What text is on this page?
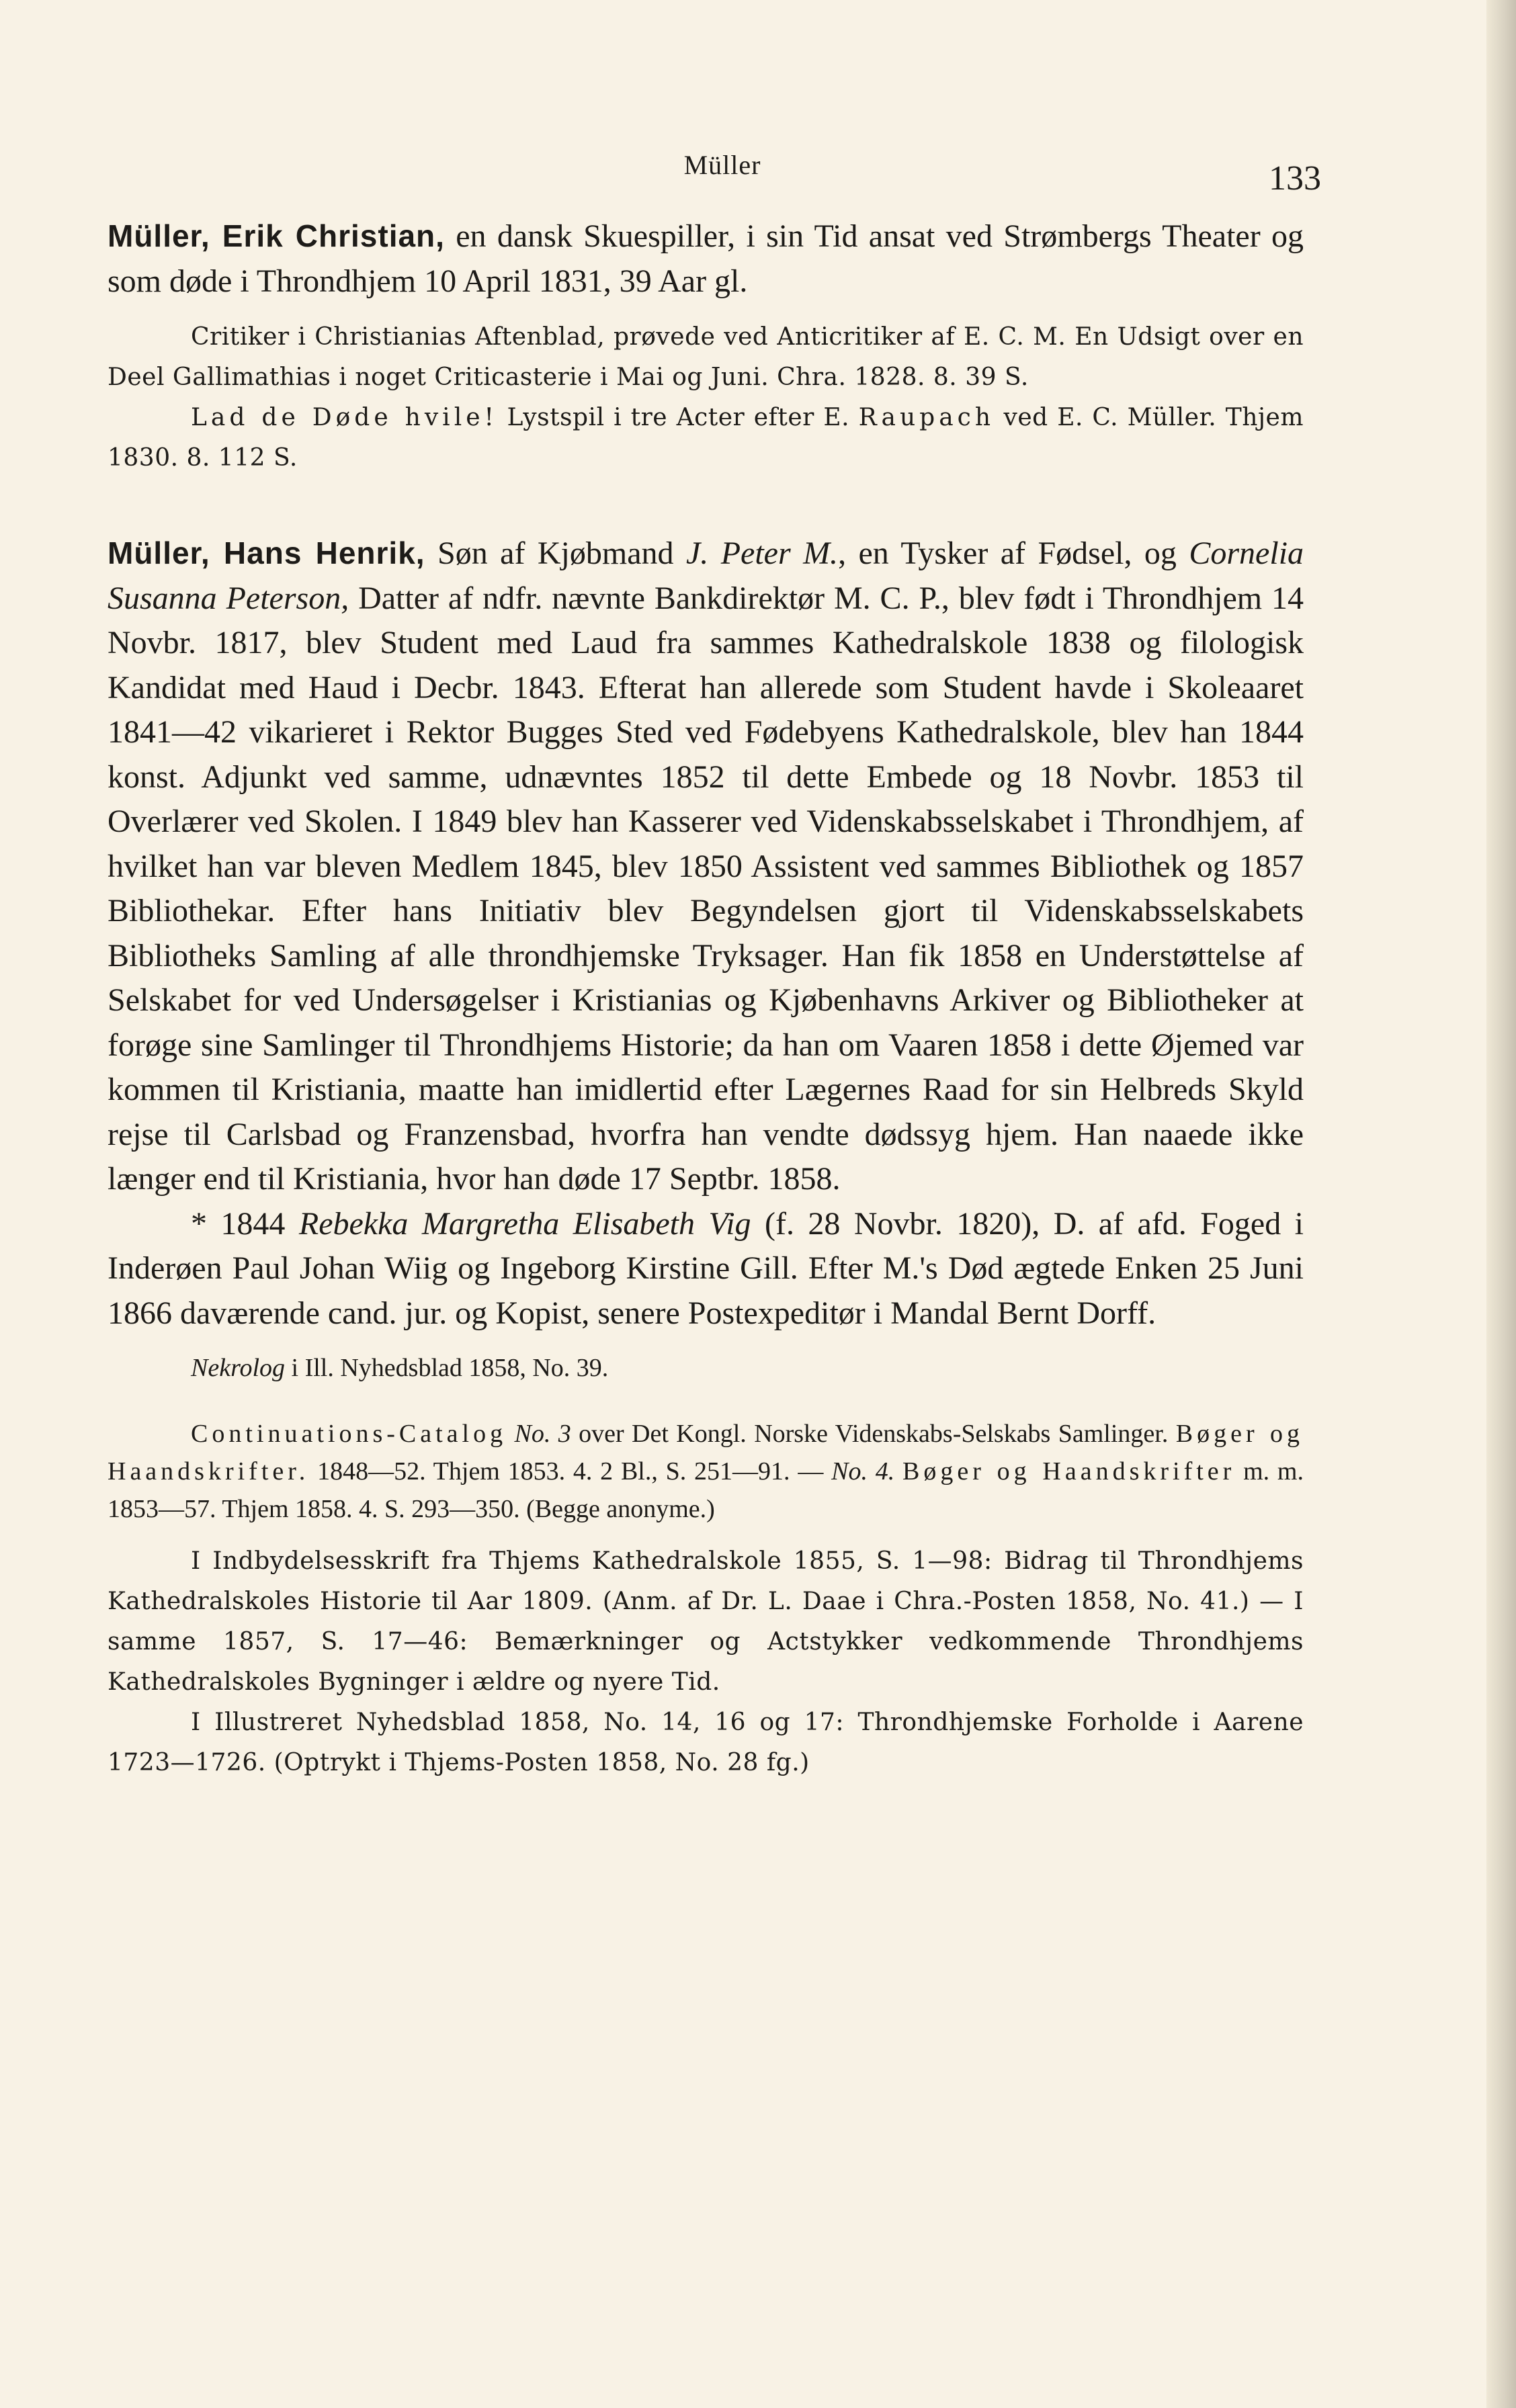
Müller	133

Müller, Erik Christian, en dansk Skuespiller, i sin Tid ansat ved Strømbergs Theater og som døde i Throndhjem 10 April 1831, 39 Aar gl.

Critiker i Christianias Aftenblad, prøvede ved Anticritiker af E. C. M. En Udsigt over en Deel Gallimathias i noget Criticasterie i Mai og Juni. Chra. 1828. 8. 39 S.

Lad de Døde hvile! Lystspil i tre Acter efter E. Raupach ved E. C. Müller. Thjem 1830. 8. 112 S.

Müller, Hans Henrik, Søn af Kjøbmand J. Peter M., en Tysker af Fødsel, og Cornelia Susanna Peterson, Datter af ndfr. nævnte Bankdirektør M. C. P., blev født i Throndhjem 14 Novbr. 1817, blev Student med Laud fra sammes Kathedralskole 1838 og filologisk Kandidat med Haud i Decbr. 1843. Efterat han allerede som Student havde i Skoleaaret 1841—42 vikarieret i Rektor Bugges Sted ved Fødebyens Kathedralskole, blev han 1844 konst. Adjunkt ved samme, udnævntes 1852 til dette Embede og 18 Novbr. 1853 til Overlærer ved Skolen. I 1849 blev han Kasserer ved Videnskabsselskabet i Throndhjem, af hvilket han var bleven Medlem 1845, blev 1850 Assistent ved sammes Bibliothek og 1857 Bibliothekar. Efter hans Initiativ blev Begyndelsen gjort til Videnskabsselskabets Bibliotheks Samling af alle throndhjemske Tryksager. Han fik 1858 en Understøttelse af Selskabet for ved Undersøgelser i Kristianias og Kjøbenhavns Arkiver og Bibliotheker at forøge sine Samlinger til Throndhjems Historie; da han om Vaaren 1858 i dette Øjemed var kommen til Kristiania, maatte han imidlertid efter Lægernes Raad for sin Helbreds Skyld rejse til Carlsbad og Franzensbad, hvorfra han vendte dødssyg hjem. Han naaede ikke længer end til Kristiania, hvor han døde 17 Septbr. 1858.

* 1844 Rebekka Margretha Elisabeth Vig (f. 28 Novbr. 1820), D. af afd. Foged i Inderøen Paul Johan Wiig og Ingeborg Kirstine Gill. Efter M.'s Død ægtede Enken 25 Juni 1866 daværende cand. jur. og Kopist, senere Postexpeditør i Mandal Bernt Dorff.

Nekrolog i Ill. Nyhedsblad 1858, No. 39.

Continuations-Catalog No. 3 over Det Kongl. Norske Videnskabs-Selskabs Samlinger. Bøger og Haandskrifter. 1848—52. Thjem 1853. 4. 2 Bl., S. 251—91. — No. 4. Bøger og Haandskrifter m. m. 1853—57. Thjem 1858. 4. S. 293—350. (Begge anonyme.)

I Indbydelsesskrift fra Thjems Kathedralskole 1855, S. 1—98: Bidrag til Throndhjems Kathedralskoles Historie til Aar 1809. (Anm. af Dr. L. Daae i Chra.-Posten 1858, No. 41.) — I samme 1857, S. 17—46: Bemærkninger og Actstykker vedkommende Throndhjems Kathedralskoles Bygninger i ældre og nyere Tid.

I Illustreret Nyhedsblad 1858, No. 14, 16 og 17: Throndhjemske Forholde i Aarene 1723—1726. (Optrykt i Thjems-Posten 1858, No. 28 fg.)
